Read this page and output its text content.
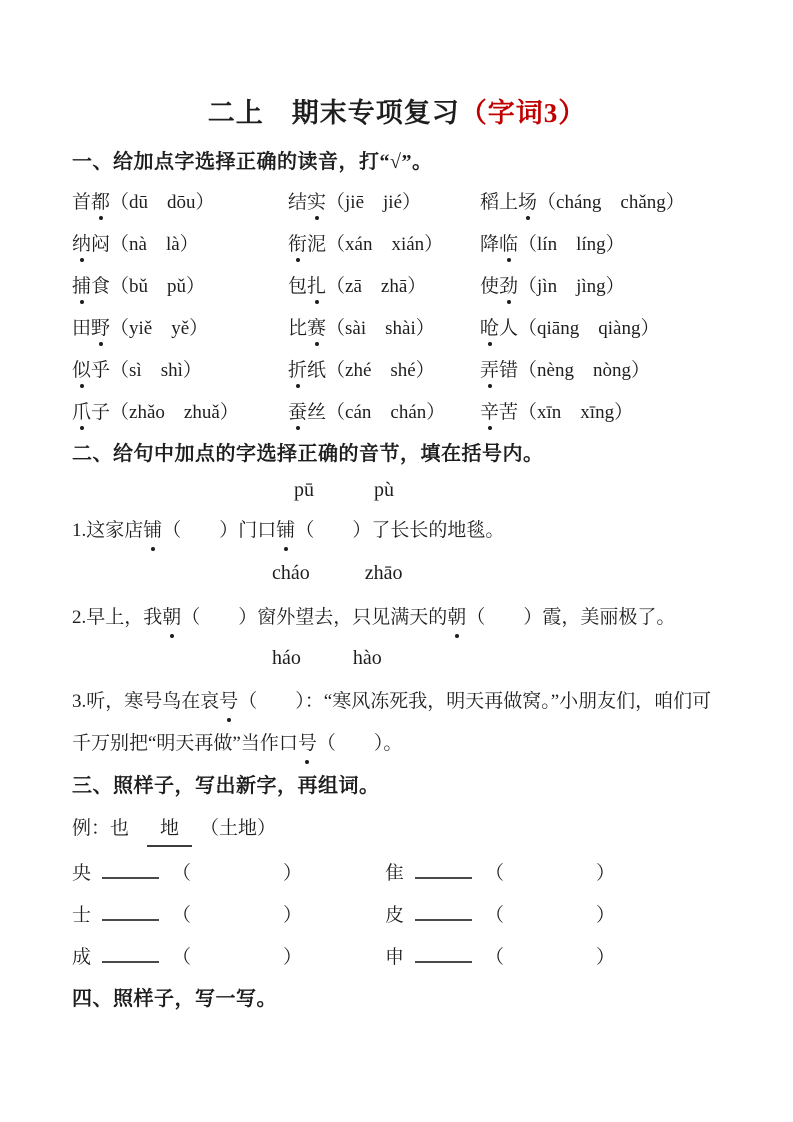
二上　期末专项复习（字词3）
一、给加点字选择正确的读音，打“√”。
首都（dū　dōu）	结实（jiē　jié）	稻上场（cháng　chǎng）
纳闷（nà　là）	衔泥（xán　xián）	降临（lín　líng）
捕食（bǔ　pǔ）	包扎（zā　zhā）	使劲（jìn　jìng）
田野（yiě　yě）	比赛（sài　shài）	呛人（qiāng　qiàng）
似乎（sì　shì）	折纸（zhé　shé）	弄错（nèng　nòng）
爪子（zhǎo　zhuǎ）	蚕丝（cán　chán）	辛苦（xīn　xīng）
二、给句中加点的字选择正确的音节，填在括号内。
pū	pù
1.这家店铺（　　）门口铺（　　）了长长的地毯。
cháo	zhāo
2.早上，我朝（　　）窗外望去，只见满天的朝（　　）霞，美丽极了。
háo	hào
3.听，寒号鸟在哀号（　　）：“寒风冻死我，明天再做窝。”小朋友们，咱们可
千万别把“明天再做”当作口号（　　）。
三、照样子，写出新字，再组词。
例：也 地 （土地）
央	（	）	隹	（	）
士	（	）	皮	（	）
成	（	）	申	（	）
四、照样子，写一写。
